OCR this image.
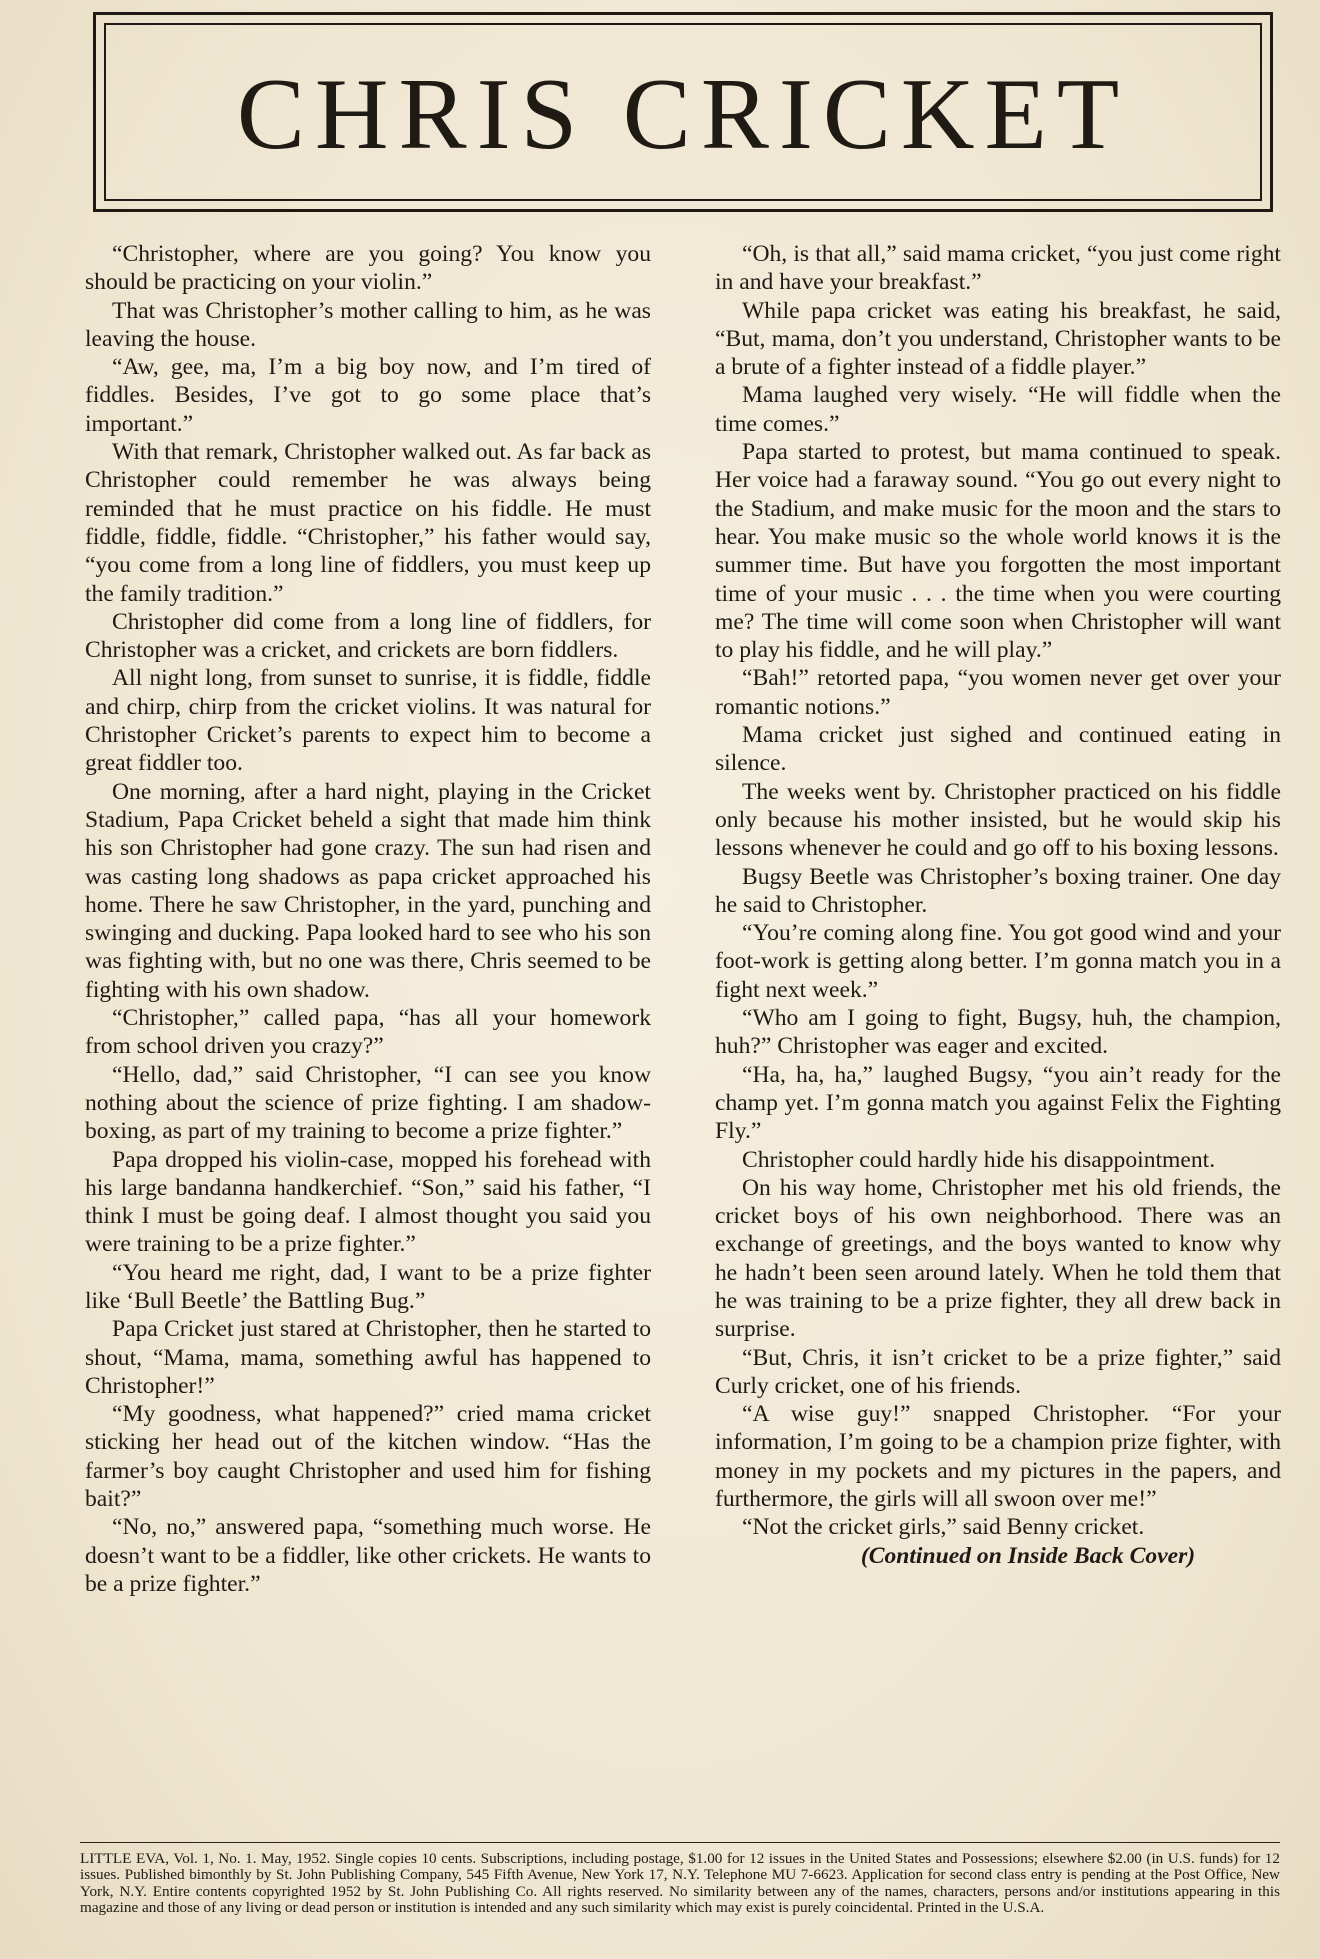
CHRIS CRICKET

“Christopher, where are you going? You know you should be practicing on your violin.”

That was Christopher’s mother calling to him, as he was leaving the house.

“Aw, gee, ma, I’m a big boy now, and I’m tired of fiddles. Besides, I’ve got to go some place that’s important.”

With that remark, Christopher walked out. As far back as Christopher could remember he was always being reminded that he must practice on his fiddle. He must fiddle, fiddle, fiddle. “Christopher,” his father would say, “you come from a long line of fiddlers, you must keep up the family tradition.”

Christopher did come from a long line of fiddlers, for Christopher was a cricket, and crickets are born fiddlers.

All night long, from sunset to sunrise, it is fiddle, fiddle and chirp, chirp from the cricket violins. It was natural for Christopher Cricket’s parents to expect him to become a great fiddler too.

One morning, after a hard night, playing in the Cricket Stadium, Papa Cricket beheld a sight that made him think his son Christopher had gone crazy. The sun had risen and was casting long shadows as papa cricket approached his home. There he saw Christopher, in the yard, punching and swinging and ducking. Papa looked hard to see who his son was fighting with, but no one was there, Chris seemed to be fighting with his own shadow.

“Christopher,” called papa, “has all your homework from school driven you crazy?”

“Hello, dad,” said Christopher, “I can see you know nothing about the science of prize fighting. I am shadow-boxing, as part of my training to become a prize fighter.”

Papa dropped his violin-case, mopped his forehead with his large bandanna handkerchief. “Son,” said his father, “I think I must be going deaf. I almost thought you said you were training to be a prize fighter.”

“You heard me right, dad, I want to be a prize fighter like ‘Bull Beetle’ the Battling Bug.”

Papa Cricket just stared at Christopher, then he started to shout, “Mama, mama, something awful has happened to Christopher!”

“My goodness, what happened?” cried mama cricket sticking her head out of the kitchen window. “Has the farmer’s boy caught Christopher and used him for fishing bait?”

“No, no,” answered papa, “something much worse. He doesn’t want to be a fiddler, like other crickets. He wants to be a prize fighter.”

“Oh, is that all,” said mama cricket, “you just come right in and have your breakfast.”

While papa cricket was eating his breakfast, he said, “But, mama, don’t you understand, Christopher wants to be a brute of a fighter instead of a fiddle player.”

Mama laughed very wisely. “He will fiddle when the time comes.”

Papa started to protest, but mama continued to speak. Her voice had a faraway sound. “You go out every night to the Stadium, and make music for the moon and the stars to hear. You make music so the whole world knows it is the summer time. But have you forgotten the most important time of your music . . . the time when you were courting me? The time will come soon when Christopher will want to play his fiddle, and he will play.”

“Bah!” retorted papa, “you women never get over your romantic notions.”

Mama cricket just sighed and continued eating in silence.

The weeks went by. Christopher practiced on his fiddle only because his mother insisted, but he would skip his lessons whenever he could and go off to his boxing lessons.

Bugsy Beetle was Christopher’s boxing trainer. One day he said to Christopher.

“You’re coming along fine. You got good wind and your foot-work is getting along better. I’m gonna match you in a fight next week.”

“Who am I going to fight, Bugsy, huh, the champion, huh?” Christopher was eager and excited.

“Ha, ha, ha,” laughed Bugsy, “you ain’t ready for the champ yet. I’m gonna match you against Felix the Fighting Fly.”

Christopher could hardly hide his disappointment.

On his way home, Christopher met his old friends, the cricket boys of his own neighborhood. There was an exchange of greetings, and the boys wanted to know why he hadn’t been seen around lately. When he told them that he was training to be a prize fighter, they all drew back in surprise.

“But, Chris, it isn’t cricket to be a prize fighter,” said Curly cricket, one of his friends.

“A wise guy!” snapped Christopher. “For your information, I’m going to be a champion prize fighter, with money in my pockets and my pictures in the papers, and furthermore, the girls will all swoon over me!”

“Not the cricket girls,” said Benny cricket.

(Continued on Inside Back Cover)

LITTLE EVA, Vol. 1, No. 1. May, 1952. Single copies 10 cents. Subscriptions, including postage, $1.00 for 12 issues in the United States and Possessions; elsewhere $2.00 (in U.S. funds) for 12 issues. Published bimonthly by St. John Publishing Company, 545 Fifth Avenue, New York 17, N.Y. Telephone MU 7-6623. Application for second class entry is pending at the Post Office, New York, N.Y. Entire contents copyrighted 1952 by St. John Publishing Co. All rights reserved. No similarity between any of the names, characters, persons and/or institutions appearing in this magazine and those of any living or dead person or institution is intended and any such similarity which may exist is purely coincidental. Printed in the U.S.A.
